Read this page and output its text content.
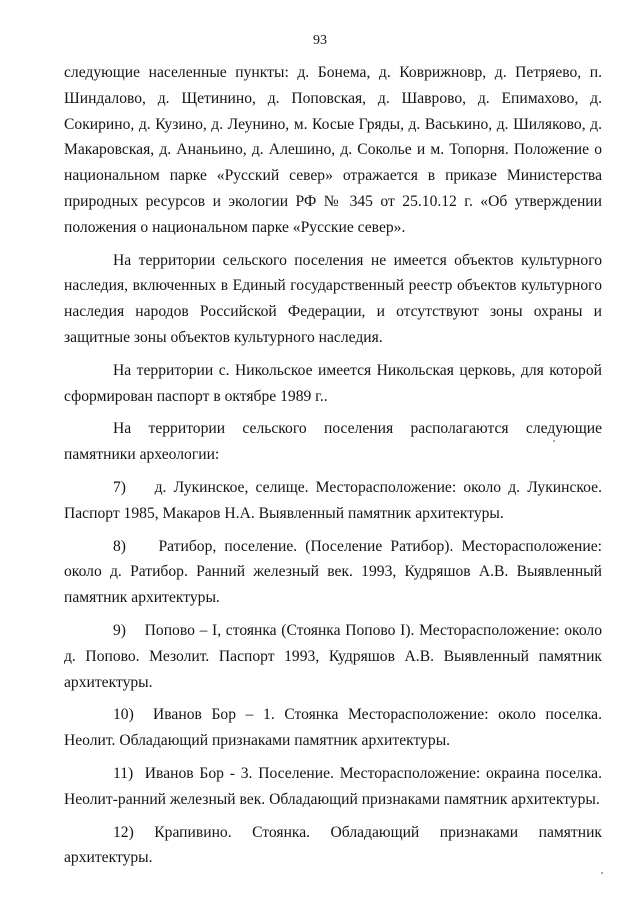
93

следующие населенные пункты: д. Бонема, д. Коврижновр, д. Петряево, п. Шиндалово, д. Щетинино, д. Поповская, д. Шаврово, д. Епимахово, д. Сокирино, д. Кузино, д. Леунино, м. Косые Гряды, д. Васькино, д. Шиляково, д. Макаровская, д. Ананьино, д. Алешино, д. Сокольe и м. Топорня. Положение о национальном парке «Русский север» отражается в приказе Министерства природных ресурсов и экологии РФ № 345 от 25.10.12 г. «Об утверждении положения о национальном парке «Русские север».

На территории сельского поселения не имеется объектов культурного наследия, включенных в Единый государственный реестр объектов культурного наследия народов Российской Федерации, и отсутствуют зоны охраны и защитные зоны объектов культурного наследия.

На территории с. Никольское имеется Никольская церковь, для которой сформирован паспорт в октябре 1989 г..

На территории сельского поселения располагаются следующие памятники археологии:

7)    д. Лукинское, селище. Месторасположение: около д. Лукинское. Паспорт 1985, Макаров Н.А. Выявленный памятник архитектуры.

8)    Ратибор, поселение. (Поселение Ратибор). Месторасположение: около д. Ратибор. Ранний железный век. 1993, Кудряшов А.В. Выявленный памятник архитектуры.

9)    Попово – I, стоянка (Стоянка Попово I). Месторасположение: около д. Попово. Мезолит. Паспорт 1993, Кудряшов А.В. Выявленный памятник архитектуры.

10)  Иванов Бор – 1. Стоянка Месторасположение: около поселка. Неолит. Обладающий признаками памятник архитектуры.

11)  Иванов Бор - 3. Поселение. Месторасположение: окраина поселка. Неолит-ранний железный век. Обладающий признаками памятник архитектуры.

12) Крапивино. Стоянка. Обладающий признаками памятник архитектуры.
